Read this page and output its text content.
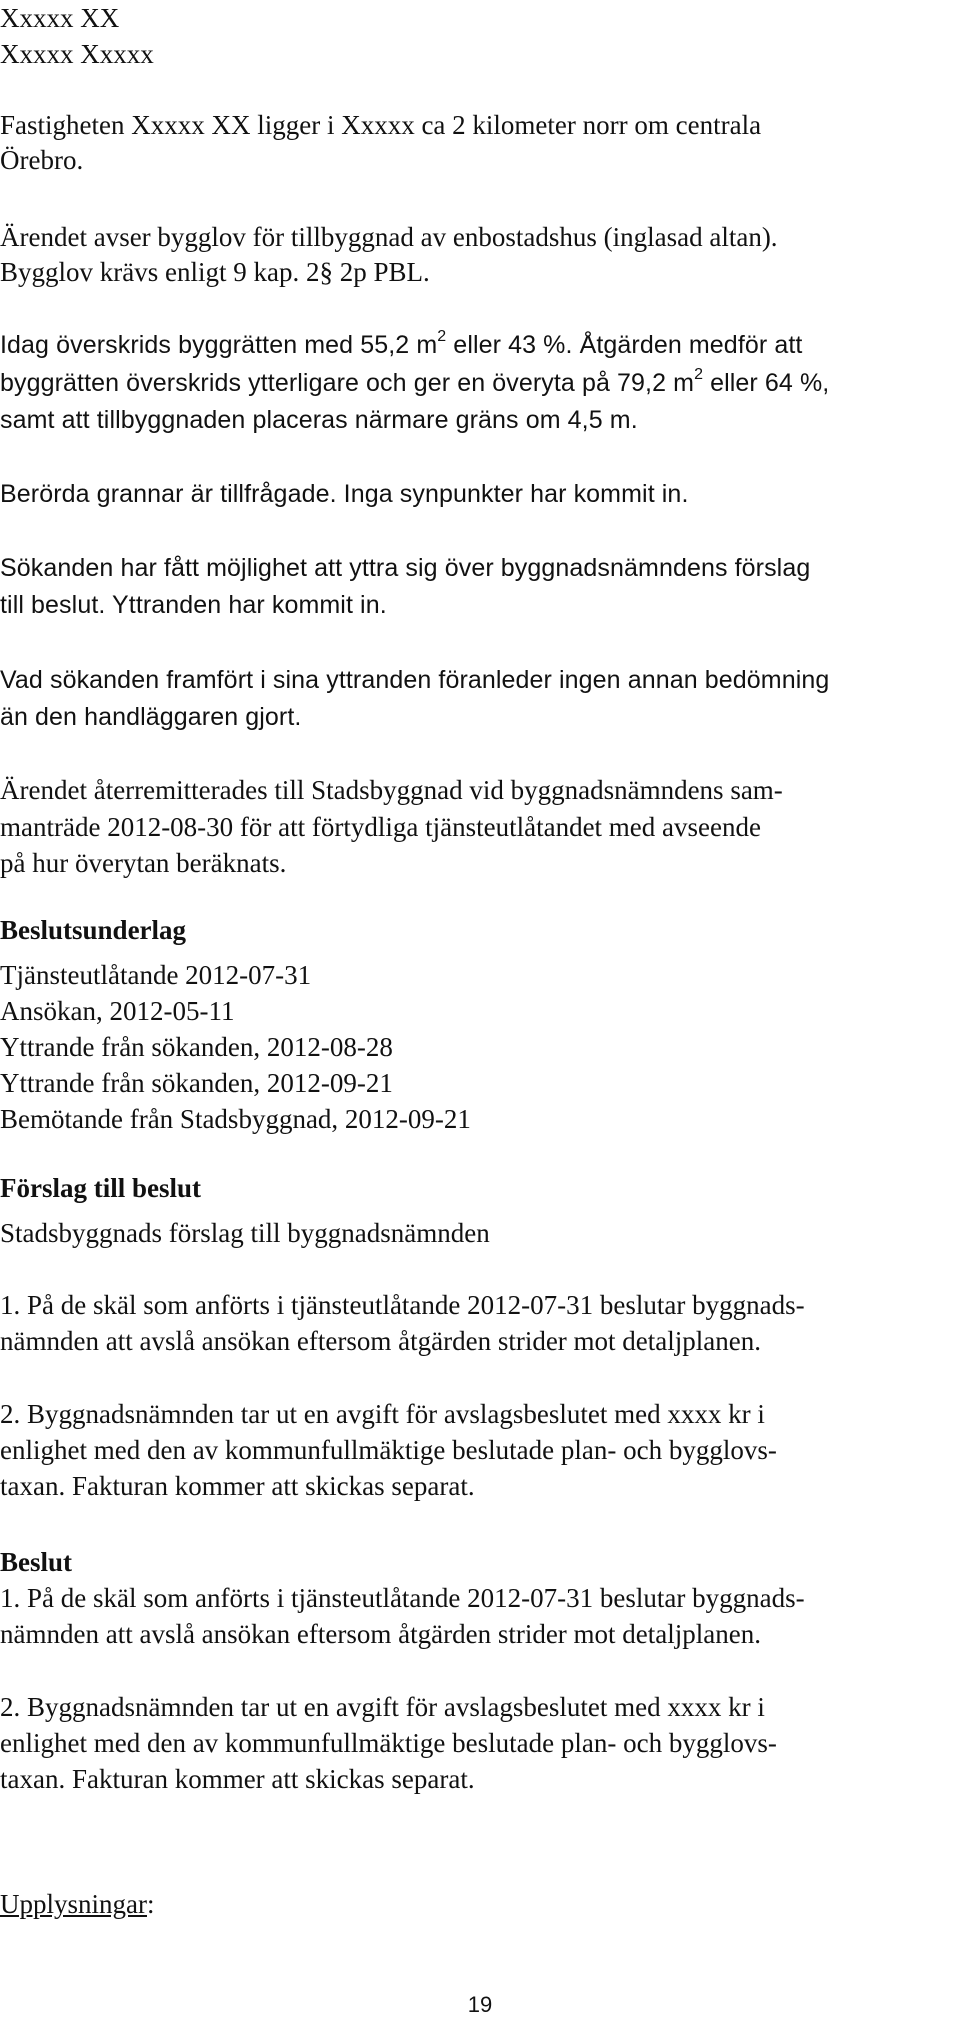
Xxxxx XX

Xxxxx Xxxxx

Fastigheten Xxxxx XX ligger i Xxxxx ca 2 kilometer norr om centrala

Örebro.

Ärendet avser bygglov för tillbyggnad av enbostadshus (inglasad altan).

Bygglov krävs enligt 9 kap. 2§ 2p PBL.

Idag överskrids byggrätten med 55,2 $m^2$ eller 43 %. Åtgärden medför att

byggrätten överskrids ytterligare och ger en överyta på 79,2 $m^2$ eller 64 %,

samt att tillbyggnaden placeras närmare gräns om 4,5 m.

Berörda grannar är tillfrågade. Inga synpunkter har kommit in.

Sökanden har fått möjlighet att yttra sig över byggnadsnämndens förslag

till beslut. Yttranden har kommit in.

Vad sökanden framfört i sina yttranden föranleder ingen annan bedömning

än den handläggaren gjort.

Ärendet återremitterades till Stadsbyggnad vid byggnadsnämndens sam-

manträde 2012-08-30 för att förtydliga tjänsteutlåtandet med avseende

på hur överytan beräknats.

Beslutsunderlag

Tjänsteutlåtande 2012-07-31

Ansökan, 2012-05-11

Yttrande från sökanden, 2012-08-28

Yttrande från sökanden, 2012-09-21

Bemötande från Stadsbyggnad, 2012-09-21

Förslag till beslut

Stadsbyggnads förslag till byggnadsnämnden

1. På de skäl som anförts i tjänsteutlåtande 2012-07-31 beslutar byggnads-

nämnden att avslå ansökan eftersom åtgärden strider mot detaljplanen.

2. Byggnadsnämnden tar ut en avgift för avslagsbeslutet med xxxx kr i

enlighet med den av kommunfullmäktige beslutade plan- och bygglovs-

taxan. Fakturan kommer att skickas separat.

Beslut

1. På de skäl som anförts i tjänsteutlåtande 2012-07-31 beslutar byggnads-

nämnden att avslå ansökan eftersom åtgärden strider mot detaljplanen.

2. Byggnadsnämnden tar ut en avgift för avslagsbeslutet med xxxx kr i

enlighet med den av kommunfullmäktige beslutade plan- och bygglovs-

taxan. Fakturan kommer att skickas separat.

Upplysningar:

19
